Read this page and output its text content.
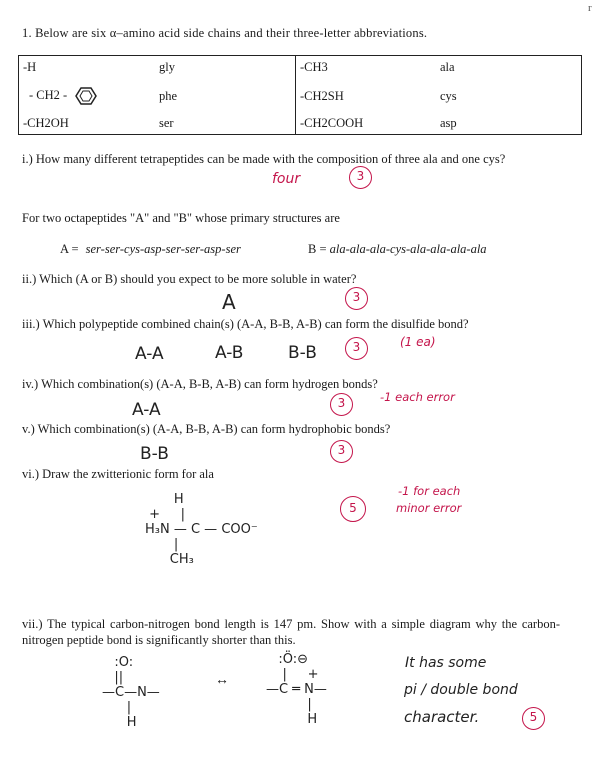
r
1. Below are six α–amino acid side chains and their three-letter abbreviations.
-H	gly	-CH3	ala
- CH2 -	phe	-CH2SH	cys
-CH2OH	ser	-CH2COOH	asp
i.) How many different tetrapeptides can be made with the composition of three ala and one cys?
four	3
For two octapeptides "A" and "B" whose primary structures are
A = ser-ser-cys-asp-ser-ser-asp-ser	B = ala-ala-ala-cys-ala-ala-ala-ala
ii.) Which (A or B) should you expect to be more soluble in water?
A	3
iii.) Which polypeptide combined chain(s) (A-A, B-B, A-B) can form the disulfide bond?
A-A	A-B	B-B	3	(1 ea)
iv.) Which combination(s) (A-A, B-B, A-B) can form hydrogen bonds?
A-A	3	-1 each error
v.) Which combination(s) (A-A, B-B, A-B) can form hydrophobic bonds?
B-B	3
vi.) Draw the zwitterionic form for ala
H
+     |
H₃N — C — COO⁻
|
CH₃
5
-1 for each
minor error
vii.) The typical carbon-nitrogen bond length is 147 pm. Show with a simple diagram why the carbon-nitrogen peptide bond is significantly shorter than this.
:O:
||
—C—N—
|
H
↔
:Ö:⊖
|     +
—C ═ N—
|
H
It has some
pi / double bond
character.	5
